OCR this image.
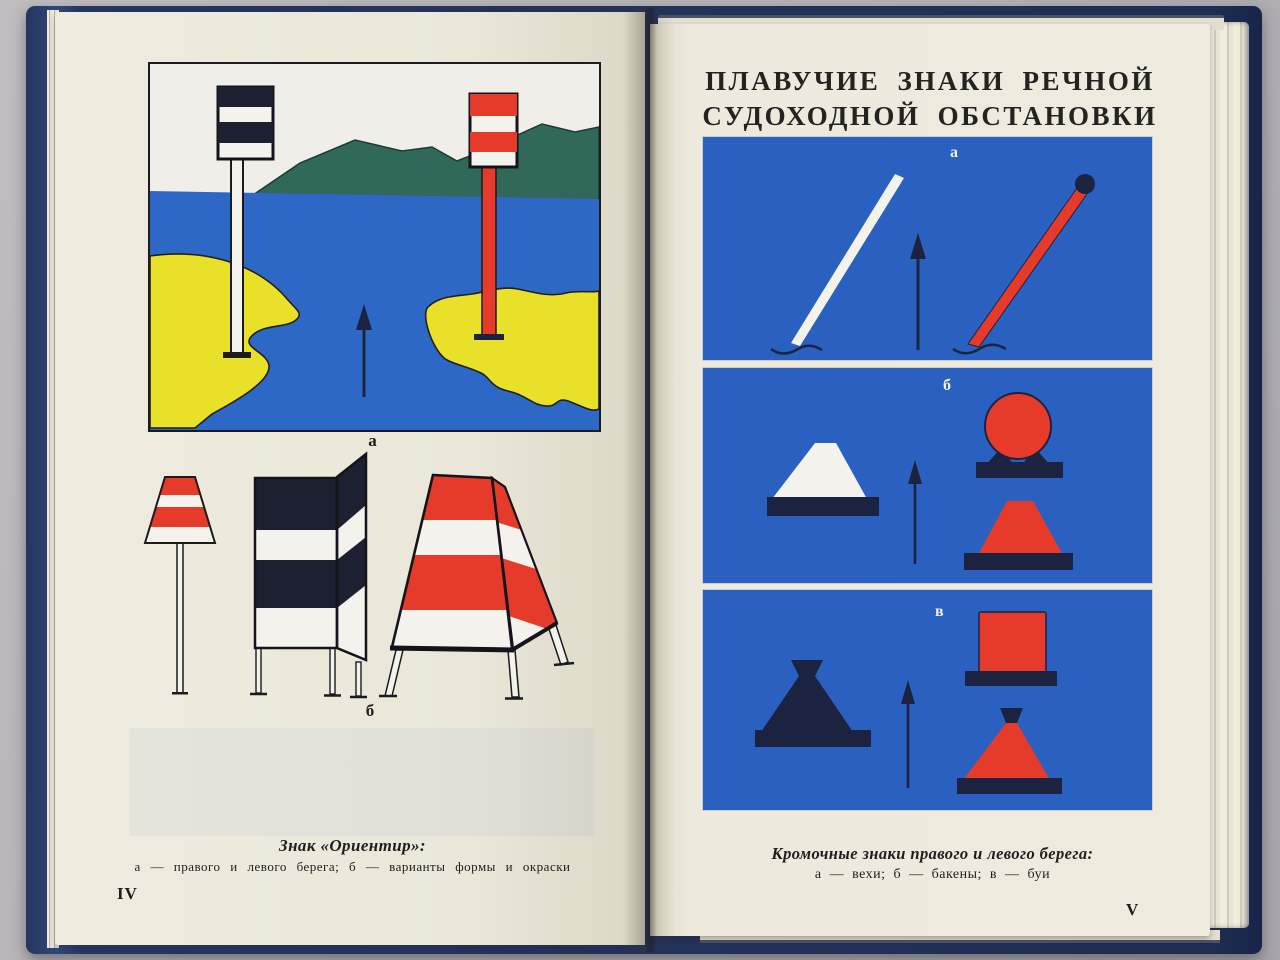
а
б
Знак «Ориентир»:
а — правого и левого берега; б — варианты формы и окраски
IV
ПЛАВУЧИЕ ЗНАКИ РЕЧНОЙ
СУДОХОДНОЙ ОБСТАНОВКИ
а
б
в
Кромочные знаки правого и левого берега:
а — вехи; б — бакены; в — буи
V
